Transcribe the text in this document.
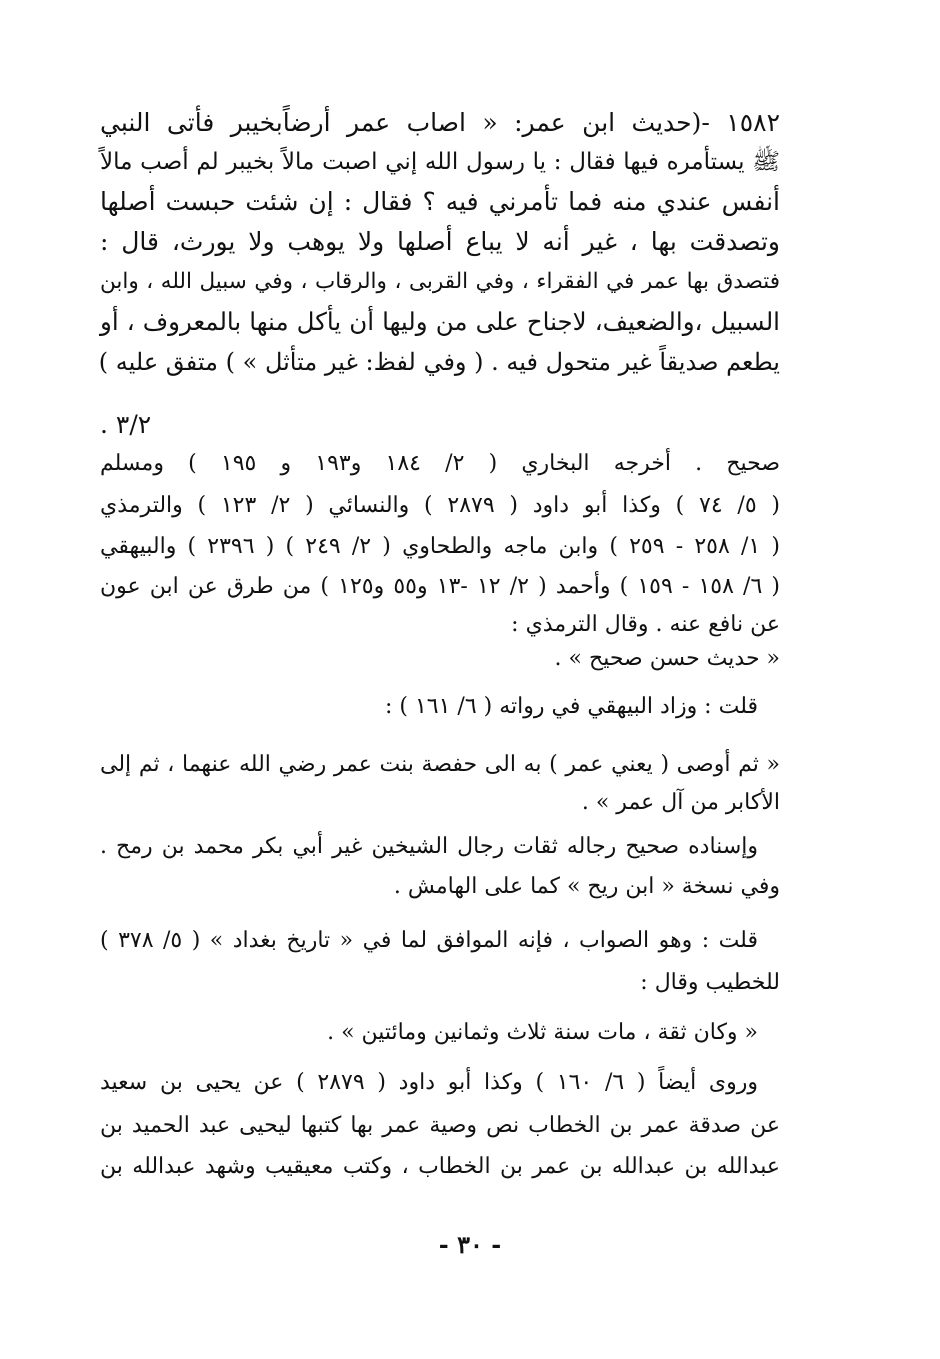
١٥٨٢ -(حديث ابن عمر: « اصاب عمر أرضاًبخيبر فأتى النبي
ﷺ يستأمره فيها فقال : يا رسول الله إني اصبت مالاً بخيبر لم أصب مالاً
أنفس عندي منه فما تأمرني فيه ؟ فقال : إن شئت حبست أصلها
وتصدقت بها ، غير أنه لا يباع أصلها ولا يوهب ولا يورث، قال :
فتصدق بها عمر في الفقراء ، وفي القربى ، والرقاب ، وفي سبيل الله ، وابن
السبيل ،والضعيف، لاجناح على من وليها أن يأكل منها بالمعروف ، أو
يطعم صديقاً غير متحول فيه . ( وفي لفظ: غير متأثل » ) متفق عليه )
٣/٢ .
صحيح . أخرجه البخاري ( ٢/ ١٨٤ و١٩٣ و ١٩٥ ) ومسلم
( ٥/ ٧٤ ) وكذا أبو داود ( ٢٨٧٩ ) والنسائي ( ٢/ ١٢٣ ) والترمذي
( ١/ ٢٥٨ - ٢٥٩ ) وابن ماجه والطحاوي ( ٢/ ٢٤٩ ) ( ٢٣٩٦ ) والبيهقي
( ٦/ ١٥٨ - ١٥٩ ) وأحمد ( ٢/ ١٢ -١٣ و٥٥ و١٢٥ ) من طرق عن ابن عون
عن نافع عنه . وقال الترمذي :
« حديث حسن صحيح » .
قلت : وزاد البيهقي في رواته ( ٦/ ١٦١ ) :
« ثم أوصى ( يعني عمر ) به الى حفصة بنت عمر رضي الله عنهما ، ثم إلى
الأكابر من آل عمر » .
وإسناده صحيح رجاله ثقات رجال الشيخين غير أبي بكر محمد بن رمح .
وفي نسخة « ابن ريح » كما على الهامش .
قلت : وهو الصواب ، فإنه الموافق لما في « تاريخ بغداد » ( ٥/ ٣٧٨ )
للخطيب وقال :
« وكان ثقة ، مات سنة ثلاث وثمانين ومائتين » .
وروى أيضاً ( ٦/ ١٦٠ ) وكذا أبو داود ( ٢٨٧٩ ) عن يحيى بن سعيد
عن صدقة عمر بن الخطاب نص وصية عمر بها كتبها ليحيى عبد الحميد بن
عبدالله بن عبدالله بن عمر بن الخطاب ، وكتب معيقيب وشهد عبدالله بن
- ٣٠ -
